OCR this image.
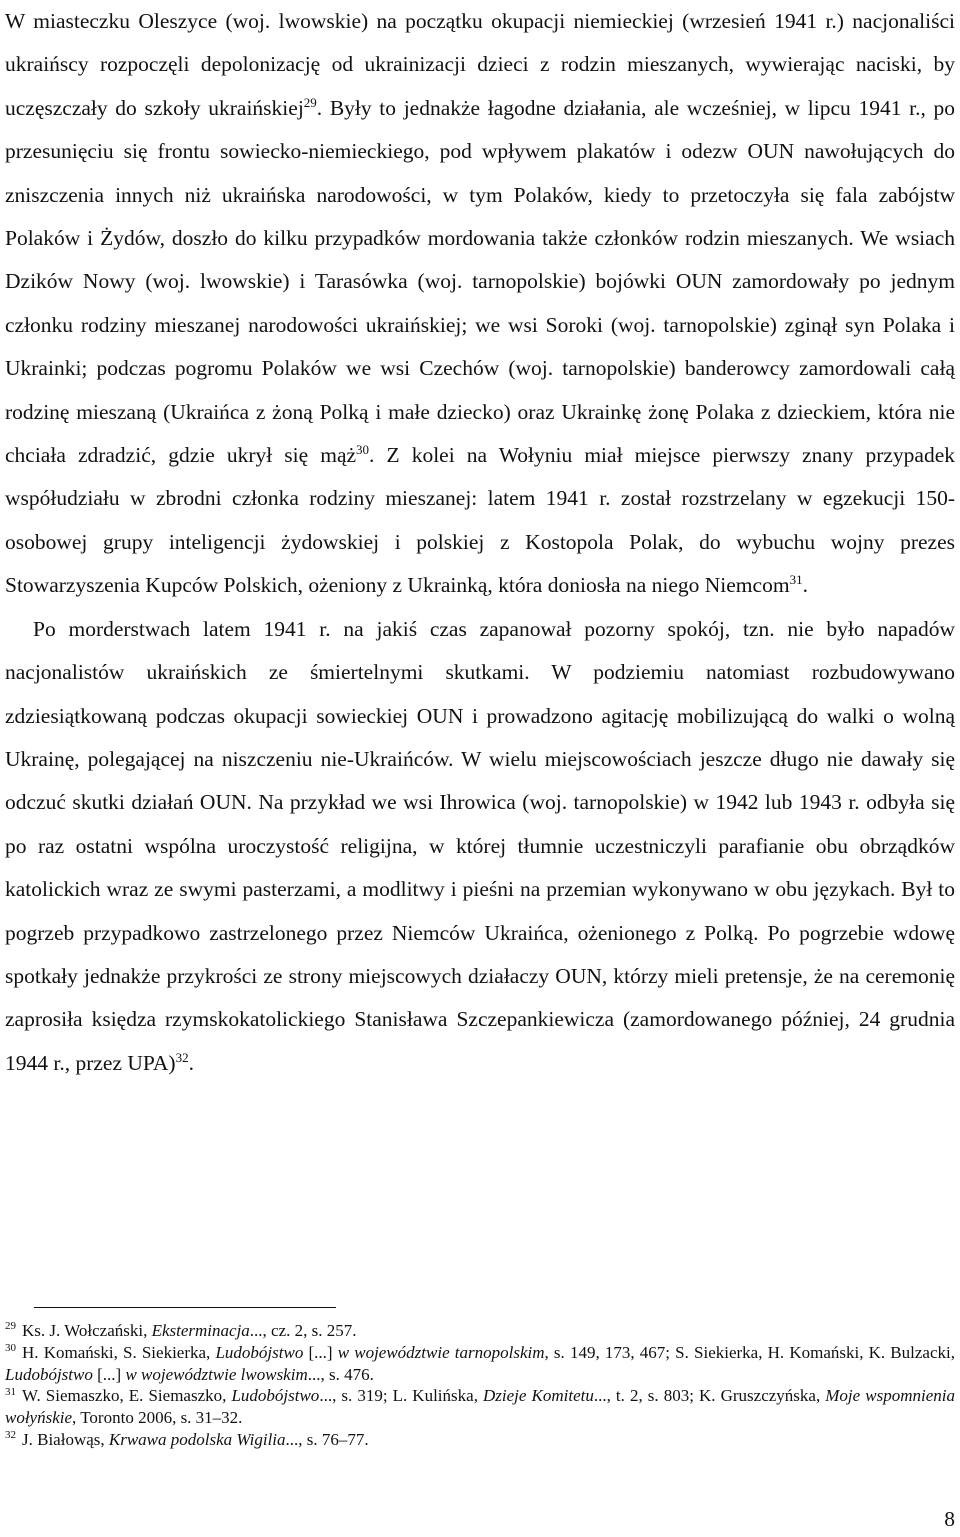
W miasteczku Oleszyce (woj. lwowskie) na początku okupacji niemieckiej (wrzesień 1941 r.) nacjonaliści ukraińscy rozpoczęli depolonizację od ukrainizacji dzieci z rodzin mieszanych, wywierając naciski, by uczęszczały do szkoły ukraińskiej$^{29}$. Były to jednakże łagodne działania, ale wcześniej, w lipcu 1941 r., po przesunięciu się frontu sowiecko-niemieckiego, pod wpływem plakatów i odezw OUN nawołujących do zniszczenia innych niż ukraińska narodowości, w tym Polaków, kiedy to przetoczyła się fala zabójstw Polaków i Żydów, doszło do kilku przypadków mordowania także członków rodzin mieszanych. We wsiach Dzików Nowy (woj. lwowskie) i Tarasówka (woj. tarnopolskie) bojówki OUN zamordowały po jednym członku rodziny mieszanej narodowości ukraińskiej; we wsi Soroki (woj. tarnopolskie) zginął syn Polaka i Ukrainki; podczas pogromu Polaków we wsi Czechów (woj. tarnopolskie) banderowcy zamordowali całą rodzinę mieszaną (Ukraińca z żoną Polką i małe dziecko) oraz Ukrainkę żonę Polaka z dzieckiem, która nie chciała zdradzić, gdzie ukrył się mąż$^{30}$. Z kolei na Wołyniu miał miejsce pierwszy znany przypadek współudziału w zbrodni członka rodziny mieszanej: latem 1941 r. został rozstrzelany w egzekucji 150-osobowej grupy inteligencji żydowskiej i polskiej z Kostopola Polak, do wybuchu wojny prezes Stowarzyszenia Kupców Polskich, ożeniony z Ukrainką, która doniosła na niego Niemcom$^{31}$.

Po morderstwach latem 1941 r. na jakiś czas zapanował pozorny spokój, tzn. nie było napadów nacjonalistów ukraińskich ze śmiertelnymi skutkami. W podziemiu natomiast rozbudowywano zdziesiątkowaną podczas okupacji sowieckiej OUN i prowadzono agitację mobilizującą do walki o wolną Ukrainę, polegającej na niszczeniu nie-Ukraińców. W wielu miejscowościach jeszcze długo nie dawały się odczuć skutki działań OUN. Na przykład we wsi Ihrowica (woj. tarnopolskie) w 1942 lub 1943 r. odbyła się po raz ostatni wspólna uroczystość religijna, w której tłumnie uczestniczyli parafianie obu obrządków katolickich wraz ze swymi pasterzami, a modlitwy i pieśni na przemian wykonywano w obu językach. Był to pogrzeb przypadkowo zastrzelonego przez Niemców Ukraińca, ożenionego z Polką. Po pogrzebie wdowę spotkały jednakże przykrości ze strony miejscowych działaczy OUN, którzy mieli pretensje, że na ceremonię zaprosiła księdza rzymskokatolickiego Stanisława Szczepankiewicza (zamordowanego później, 24 grudnia 1944 r., przez UPA)$^{32}$.

$^{29}$ Ks. J. Wołczański, Eksterminacja..., cz. 2, s. 257.

$^{30}$ H. Komański, S. Siekierka, Ludobójstwo [...] w województwie tarnopolskim, s. 149, 173, 467; S. Siekierka, H. Komański, K. Bulzacki, Ludobójstwo [...] w województwie lwowskim..., s. 476.

$^{31}$ W. Siemaszko, E. Siemaszko, Ludobójstwo..., s. 319; L. Kulińska, Dzieje Komitetu..., t. 2, s. 803; K. Gruszczyńska, Moje wspomnienia wołyńskie, Toronto 2006, s. 31–32.

$^{32}$ J. Białowąs, Krwawa podolska Wigilia..., s. 76–77.

8
